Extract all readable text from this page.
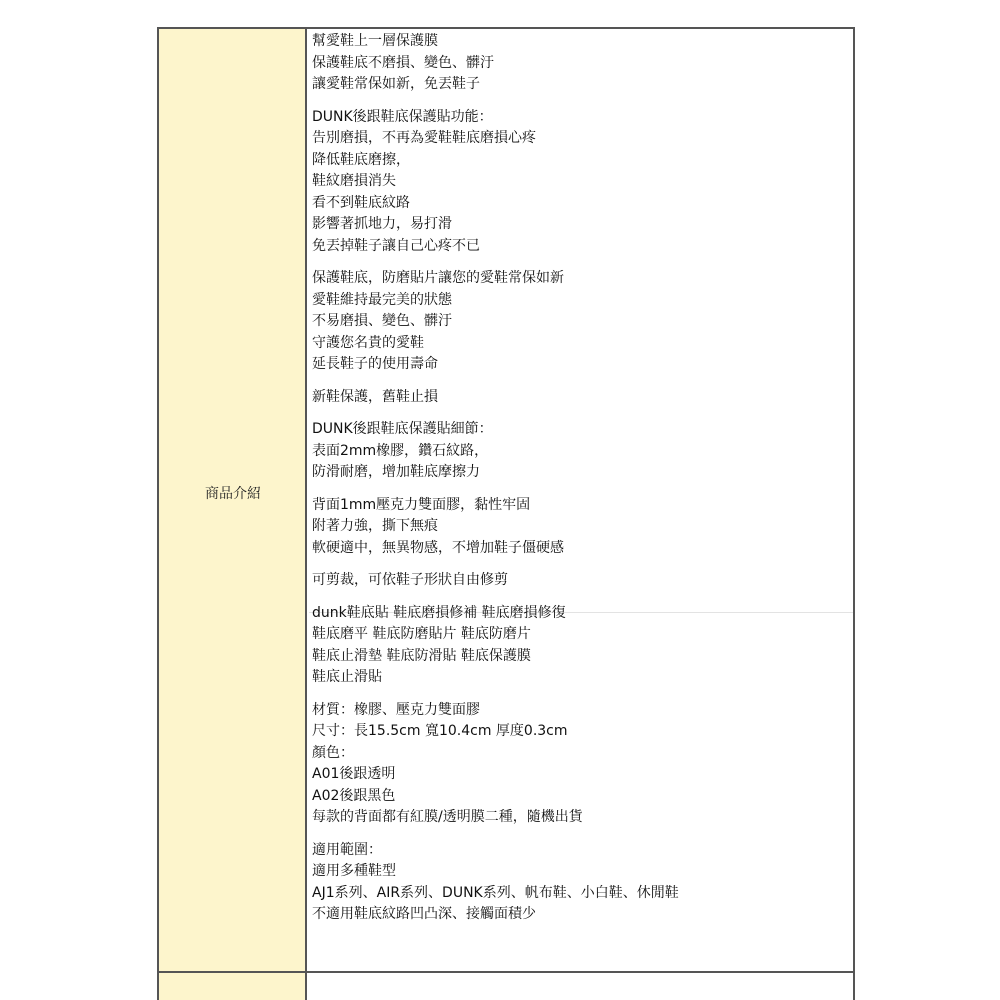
商品介紹
幫愛鞋上一層保護膜
保護鞋底不磨損、變色、髒汙
讓愛鞋常保如新，免丟鞋子
DUNK後跟鞋底保護貼功能：
告別磨損，不再為愛鞋鞋底磨損心疼
降低鞋底磨擦，
鞋紋磨損消失
看不到鞋底紋路
影響著抓地力，易打滑
免丟掉鞋子讓自己心疼不已
保護鞋底，防磨貼片讓您的愛鞋常保如新
愛鞋維持最完美的狀態
不易磨損、變色、髒汙
守護您名貴的愛鞋
延長鞋子的使用壽命
新鞋保護，舊鞋止損
DUNK後跟鞋底保護貼細節：
表面2mm橡膠，鑽石紋路，
防滑耐磨，增加鞋底摩擦力
背面1mm壓克力雙面膠，黏性牢固
附著力強，撕下無痕
軟硬適中，無異物感，不增加鞋子僵硬感
可剪裁，可依鞋子形狀自由修剪
dunk鞋底貼 鞋底磨損修補 鞋底磨損修復
鞋底磨平 鞋底防磨貼片 鞋底防磨片
鞋底止滑墊 鞋底防滑貼 鞋底保護膜
鞋底止滑貼
材質：橡膠、壓克力雙面膠
尺寸：長15.5cm 寬10.4cm 厚度0.3cm
顏色：
A01後跟透明
A02後跟黑色
每款的背面都有紅膜/透明膜二種，隨機出貨
適用範圍：
適用多種鞋型
AJ1系列、AIR系列、DUNK系列、帆布鞋、小白鞋、休閒鞋
不適用鞋底紋路凹凸深、接觸面積少
